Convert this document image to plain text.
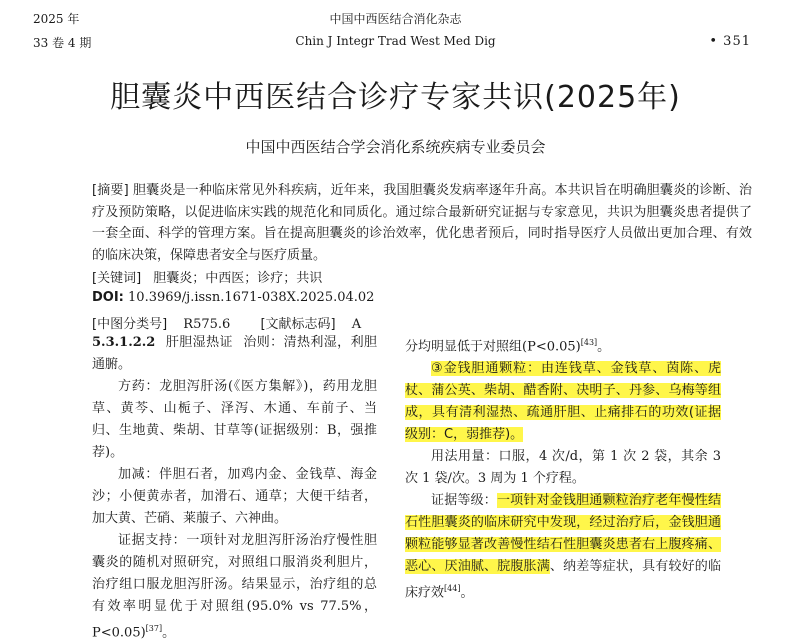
2025 年
33 卷 4 期
中国中西医结合消化杂志
Chin J Integr Trad West Med Dig	• 351
胆囊炎中西医结合诊疗专家共识(2025年)
中国中西医结合学会消化系统疾病专业委员会
[摘要] 胆囊炎是一种临床常见外科疾病，近年来，我国胆囊炎发病率逐年升高。本共识旨在明确胆囊炎的诊断、治疗及预防策略，以促进临床实践的规范化和同质化。通过综合最新研究证据与专家意见，共识为胆囊炎患者提供了一套全面、科学的管理方案。旨在提高胆囊炎的诊治效率，优化患者预后，同时指导医疗人员做出更加合理、有效的临床决策，保障患者安全与医疗质量。
[关键词] 胆囊炎；中西医；诊疗；共识
DOI: 10.3969/j.issn.1671-038X.2025.04.02
[中图分类号] R575.6 [文献标志码] A

5.3.1.2.2 肝胆湿热证 治则：清热利湿，利胆通腑。

方药：龙胆泻肝汤(《医方集解》)，药用龙胆草、黄芩、山栀子、泽泻、木通、车前子、当归、生地黄、柴胡、甘草等(证据级别：B，强推荐)。

加减：伴胆石者，加鸡内金、金钱草、海金沙；小便黄赤者，加滑石、通草；大便干结者，加大黄、芒硝、莱菔子、六神曲。

证据支持：一项针对龙胆泻肝汤治疗慢性胆囊炎的随机对照研究，对照组口服消炎利胆片，治疗组口服龙胆泻肝汤。结果显示，治疗组的总有效率明显优于对照组(95.0% vs 77.5%，P<0.05)[37]。

分均明显低于对照组(P<0.05)[43]。

③金钱胆通颗粒：由连钱草、金钱草、茵陈、虎杖、蒲公英、柴胡、醋香附、决明子、丹参、乌梅等组成，具有清利湿热、疏通肝胆、止痛排石的功效(证据级别：C，弱推荐)。

用法用量：口服，4 次/d，第 1 次 2 袋，其余 3 次 1 袋/次。3 周为 1 个疗程。

证据等级：一项针对金钱胆通颗粒治疗老年慢性结石性胆囊炎的临床研究中发现，经过治疗后，金钱胆通颗粒能够显著改善慢性结石性胆囊炎患者右上腹疼痛、恶心、厌油腻、脘腹胀满、纳差等症状，具有较好的临床疗效[44]。
